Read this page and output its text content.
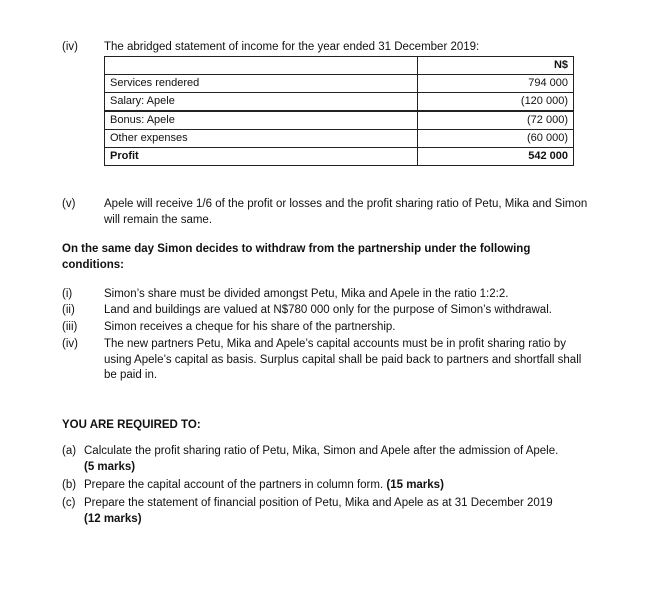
(iv) The abridged statement of income for the year ended 31 December 2019:
	N$
Services rendered	794 000
Salary: Apele	(120 000)
Bonus: Apele	(72 000)
Other expenses	(60 000)
Profit	542 000
(v) Apele will receive 1/6 of the profit or losses and the profit sharing ratio of Petu, Mika and Simon will remain the same.
On the same day Simon decides to withdraw from the partnership under the following conditions:
(i)	Simon’s share must be divided amongst Petu, Mika and Apele in the ratio 1:2:2.
(ii)	Land and buildings are valued at N$780 000 only for the purpose of Simon’s withdrawal.
(iii) Simon receives a cheque for his share of the partnership.
(iv) The new partners Petu, Mika and Apele’s capital accounts must be in profit sharing ratio by using Apele’s capital as basis. Surplus capital shall be paid back to partners and shortfall shall be paid in.
YOU ARE REQUIRED TO:
(a) Calculate the profit sharing ratio of Petu, Mika, Simon and Apele after the admission of Apele.
(5 marks)
(b) Prepare the capital account of the partners in column form. (15 marks)
(c) Prepare the statement of financial position of Petu, Mika and Apele as at 31 December 2019
(12 marks)
